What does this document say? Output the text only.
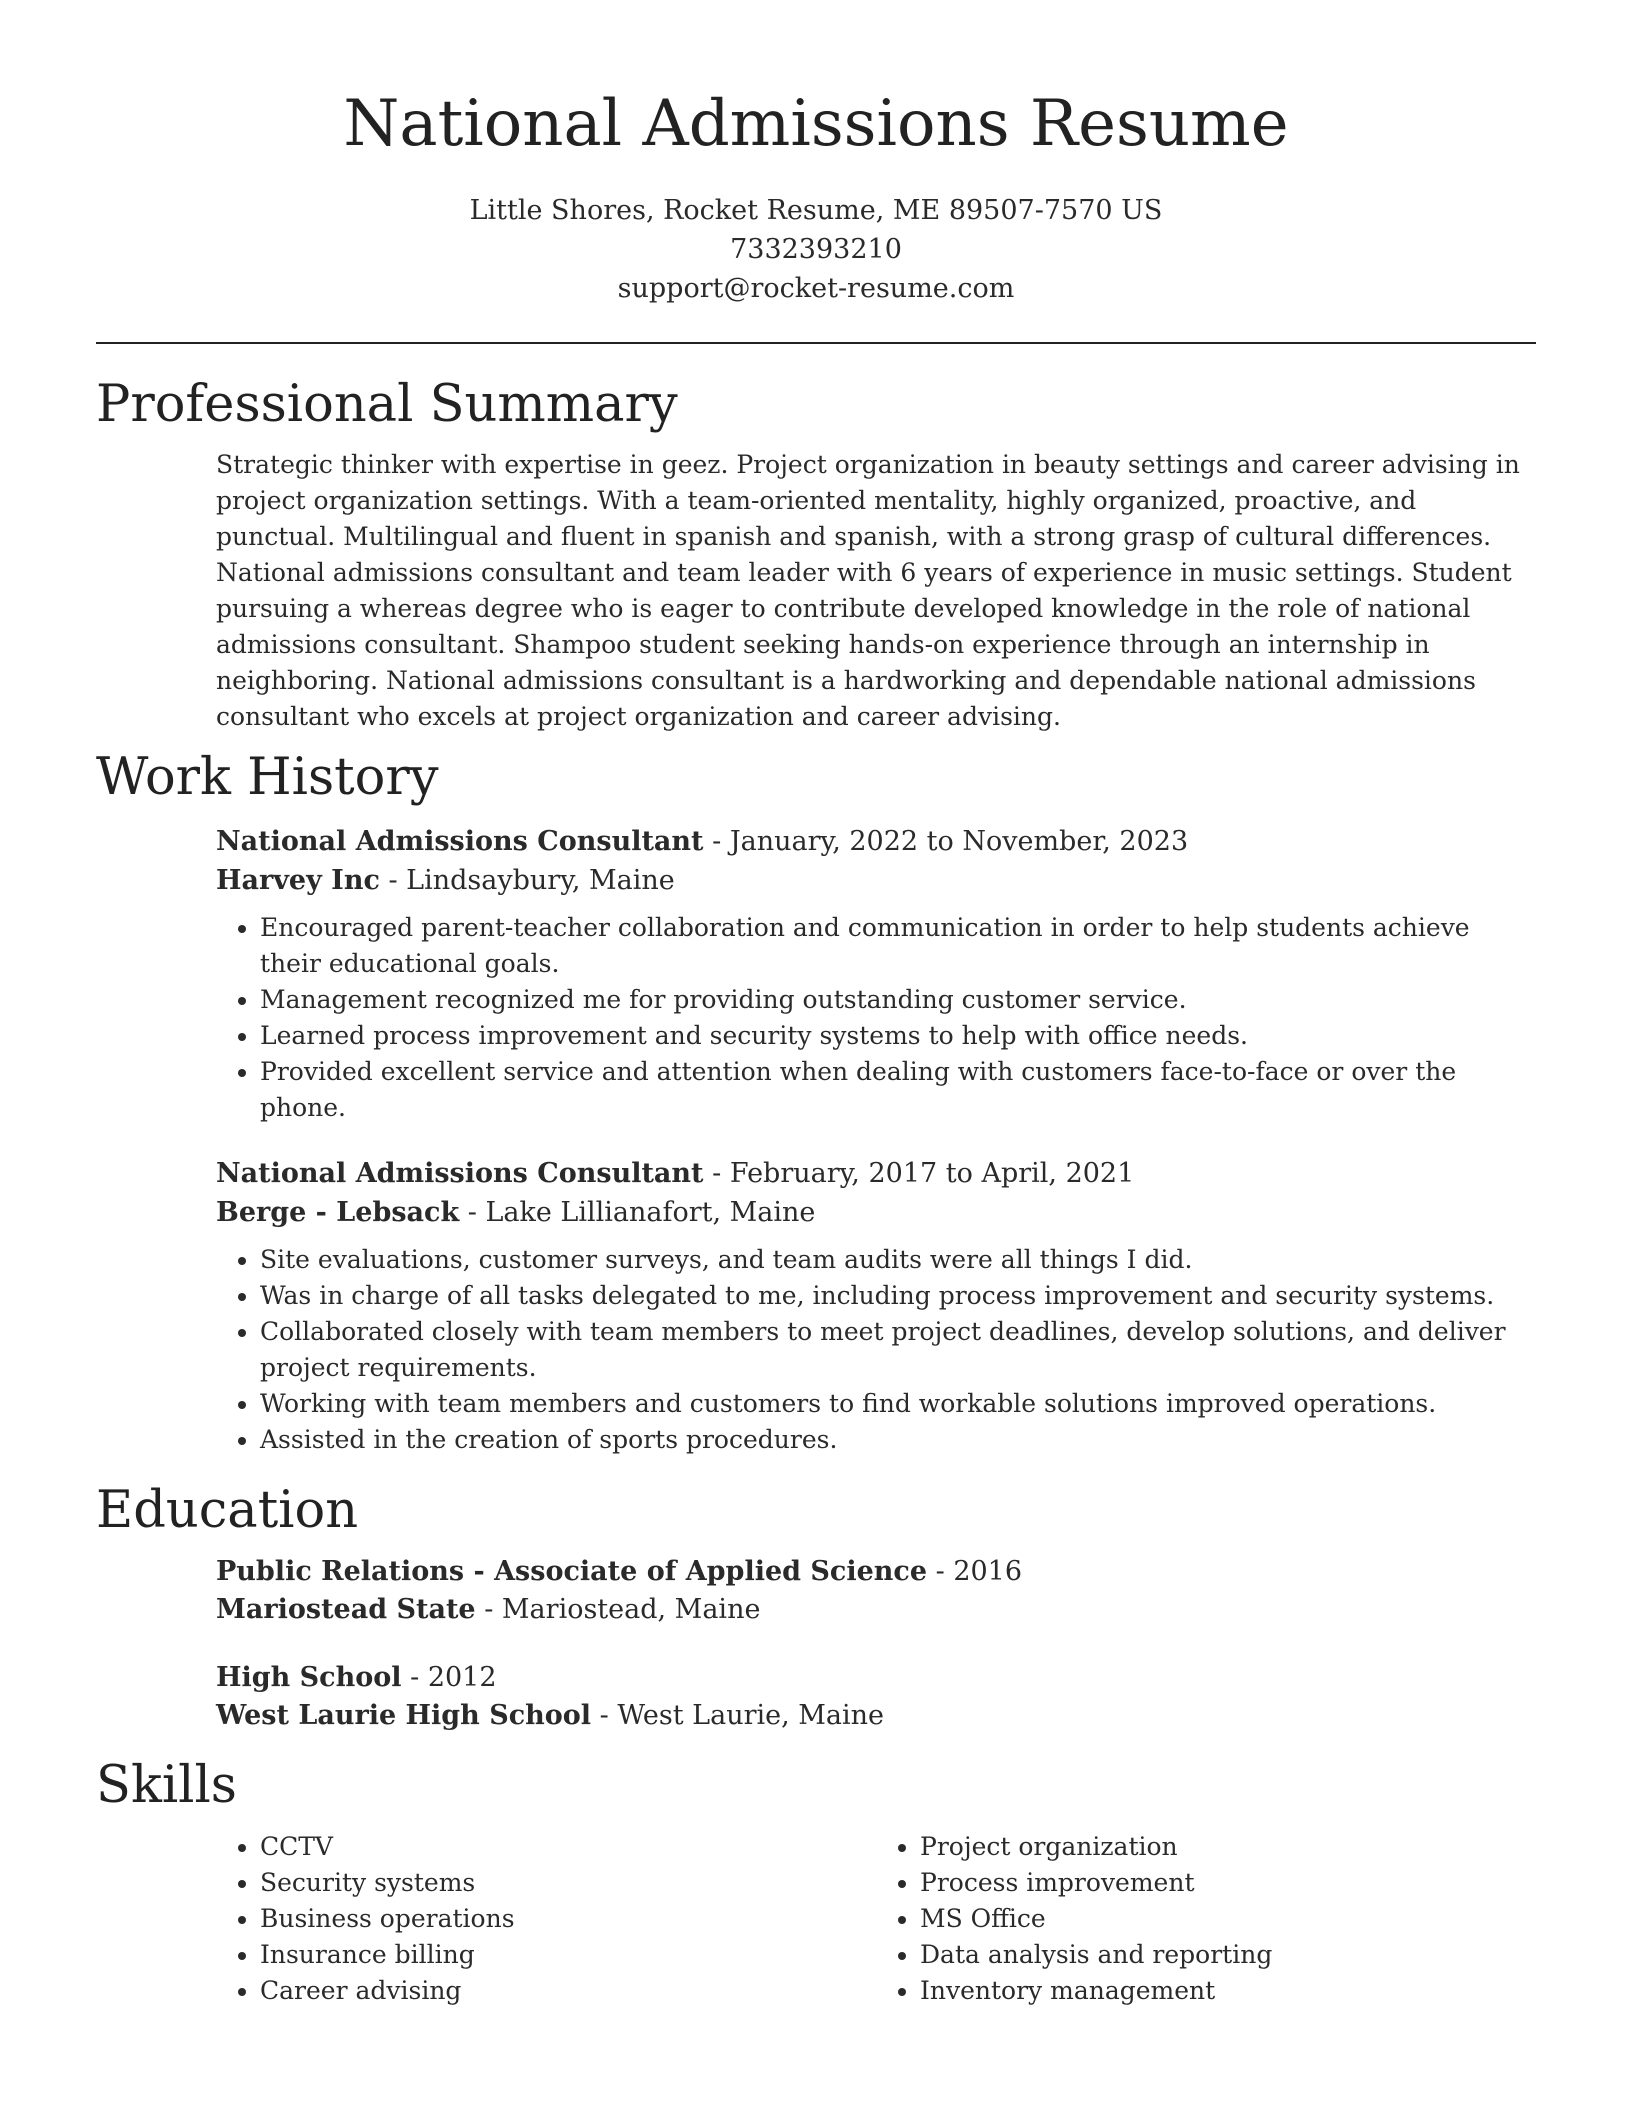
National Admissions Resume
Little Shores, Rocket Resume, ME 89507-7570 US
7332393210
support@rocket-resume.com
Professional Summary

Strategic thinker with expertise in geez. Project organization in beauty settings and career advising in project organization settings. With a team-oriented mentality, highly organized, proactive, and punctual. Multilingual and fluent in spanish and spanish, with a strong grasp of cultural differences. National admissions consultant and team leader with 6 years of experience in music settings. Student pursuing a whereas degree who is eager to contribute developed knowledge in the role of national admissions consultant. Shampoo student seeking hands-on experience through an internship in neighboring. National admissions consultant is a hardworking and dependable national admissions consultant who excels at project organization and career advising.

Work History
National Admissions Consultant - January, 2022 to November, 2023
Harvey Inc - Lindsaybury, Maine
• Encouraged parent-teacher collaboration and communication in order to help students achieve their educational goals.
• Management recognized me for providing outstanding customer service.
• Learned process improvement and security systems to help with office needs.
• Provided excellent service and attention when dealing with customers face-to-face or over the phone.
National Admissions Consultant - February, 2017 to April, 2021
Berge - Lebsack - Lake Lillianafort, Maine
• Site evaluations, customer surveys, and team audits were all things I did.
• Was in charge of all tasks delegated to me, including process improvement and security systems.
• Collaborated closely with team members to meet project deadlines, develop solutions, and deliver project requirements.
• Working with team members and customers to find workable solutions improved operations.
• Assisted in the creation of sports procedures.
Education
Public Relations - Associate of Applied Science - 2016
Mariostead State - Mariostead, Maine
High School - 2012
West Laurie High School - West Laurie, Maine
Skills
• CCTV
• Security systems
• Business operations
• Insurance billing
• Career advising
• Project organization
• Process improvement
• MS Office
• Data analysis and reporting
• Inventory management
